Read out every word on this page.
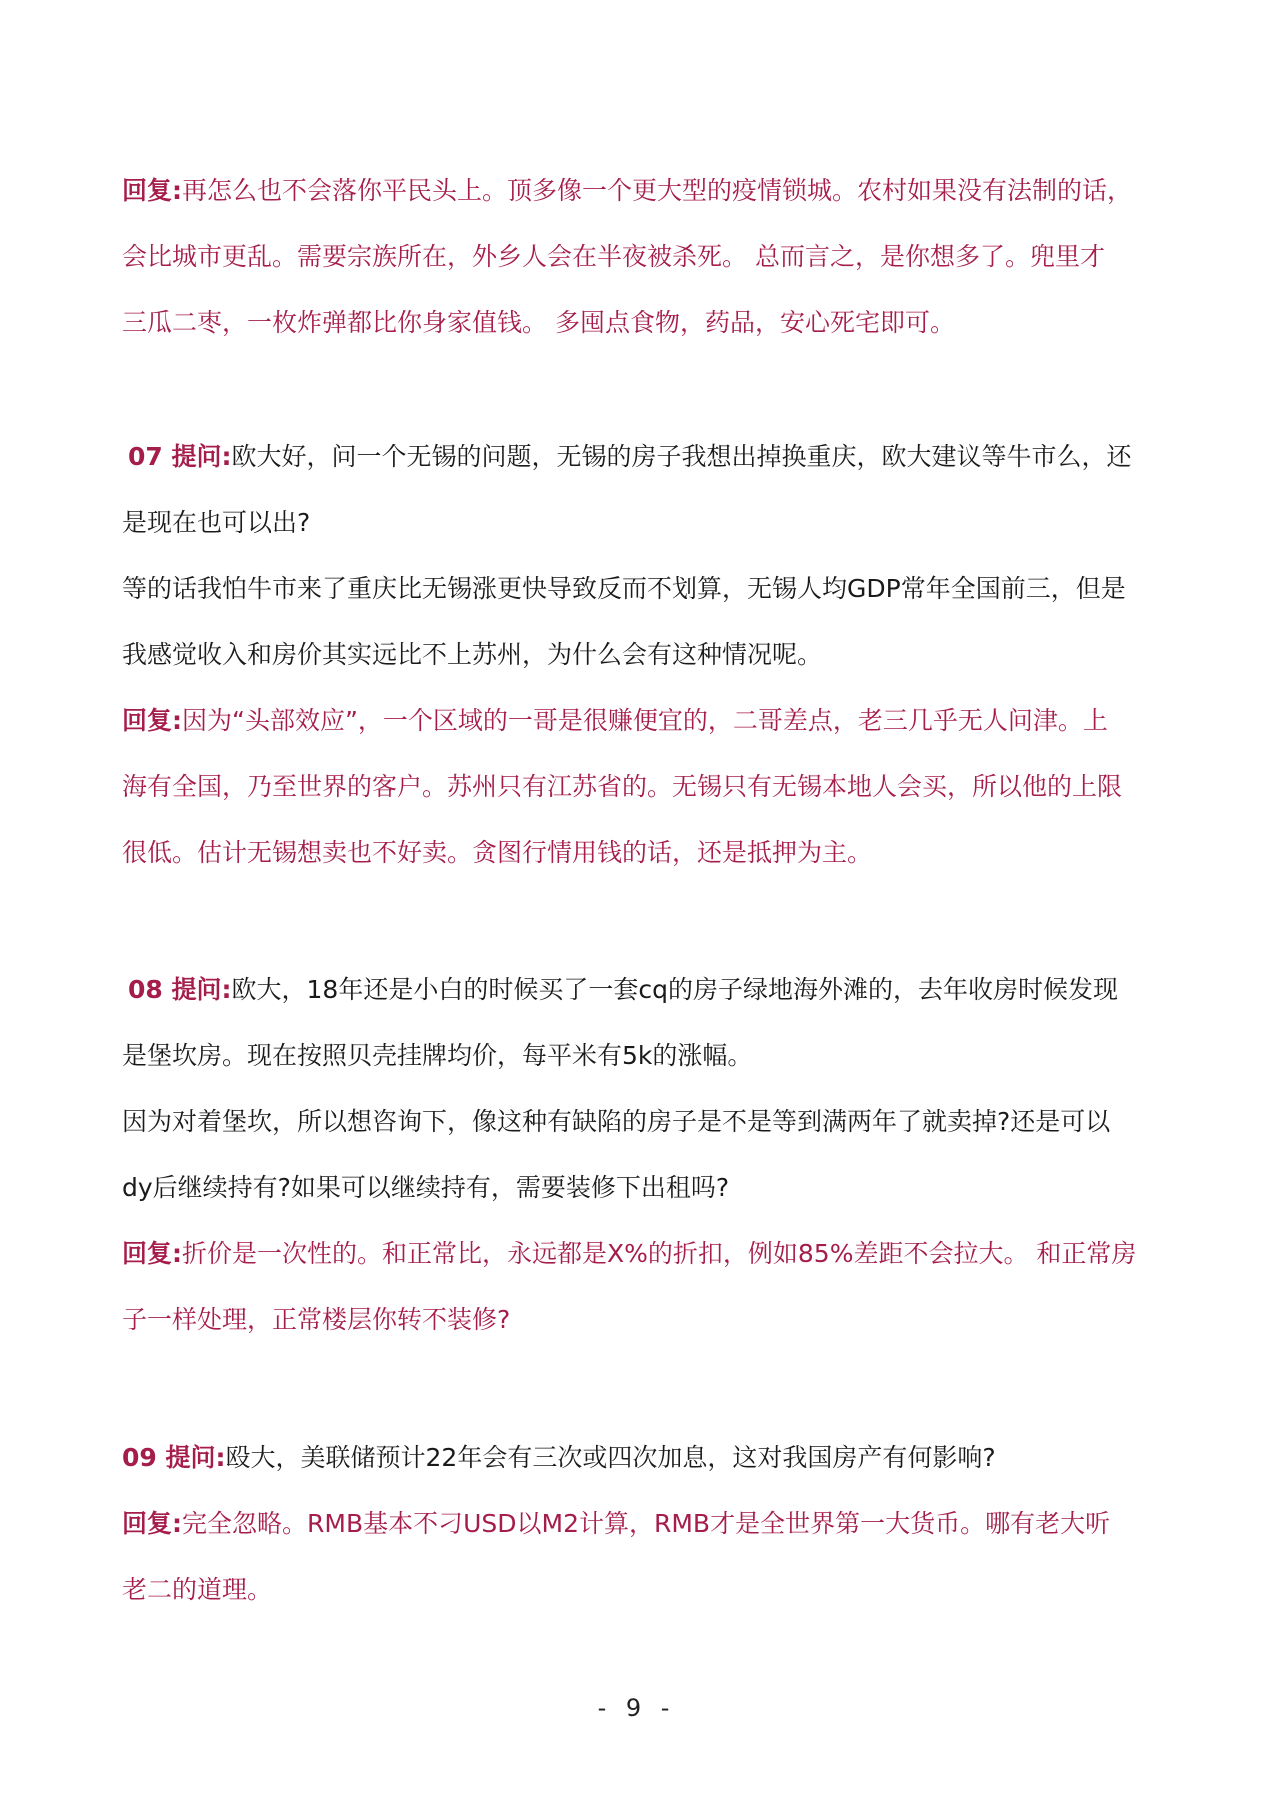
回复:再怎么也不会落你平民头上。顶多像一个更大型的疫情锁城。农村如果没有法制的话，
会比城市更乱。需要宗族所在，外乡人会在半夜被杀死。 总而言之，是你想多了。兜里才
三瓜二枣，一枚炸弹都比你身家值钱。 多囤点食物，药品，安心死宅即可。
07 提问:欧大好，问一个无锡的问题，无锡的房子我想出掉换重庆，欧大建议等牛市么，还
是现在也可以出?
等的话我怕牛市来了重庆比无锡涨更快导致反而不划算，无锡人均GDP常年全国前三，但是
我感觉收入和房价其实远比不上苏州，为什么会有这种情况呢。
回复:因为“头部效应”，一个区域的一哥是很赚便宜的，二哥差点，老三几乎无人问津。上
海有全国，乃至世界的客户。苏州只有江苏省的。无锡只有无锡本地人会买，所以他的上限
很低。估计无锡想卖也不好卖。贪图行情用钱的话，还是抵押为主。
08 提问:欧大，18年还是小白的时候买了一套cq的房子绿地海外滩的，去年收房时候发现
是堡坎房。现在按照贝壳挂牌均价，每平米有5k的涨幅。
因为对着堡坎，所以想咨询下，像这种有缺陷的房子是不是等到满两年了就卖掉?还是可以
dy后继续持有?如果可以继续持有，需要装修下出租吗?
回复:折价是一次性的。和正常比，永远都是X%的折扣，例如85%差距不会拉大。 和正常房
子一样处理，正常楼层你转不装修?
09 提问:殴大，美联储预计22年会有三次或四次加息，这对我国房产有何影响?
回复:完全忽略。RMB基本不刁USD以M2计算，RMB才是全世界第一大货币。哪有老大听
老二的道理。
- 9 -
